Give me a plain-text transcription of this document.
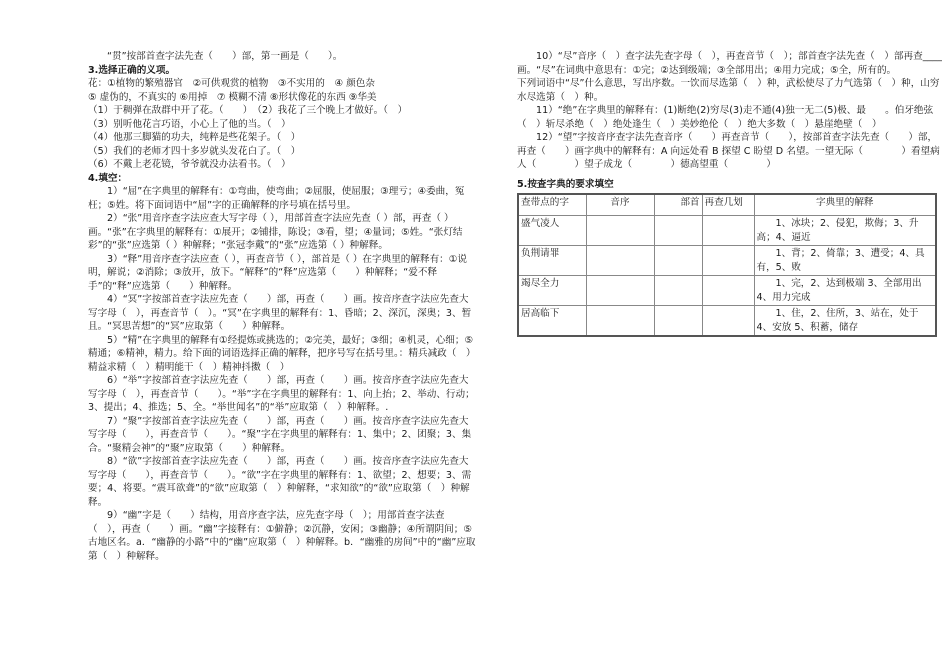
“贯”按部首查字法先查（　　）部，第一画是（　　）。

3.选择正确的义项。

花：①植物的繁殖器官　②可供观赏的植物　③不实用的　④ 颜色杂

⑤ 虚伪的，不真实的 ⑥用掉　⑦ 模糊不清 ⑧形状像花的东西 ⑨华美

（1）于稠弹在敌群中开了花。（　　）　（2）我花了三个晚上才做好。（　）

（3）别听他花言巧语，小心上了他的当。（　）

（4）他那三脚猫的功夫，纯粹是些花架子。（　）

（5）我们的老师才四十多岁就头发花白了。（　）

（6）不戴上老花镜，爷爷就没办法看书。（　）

4.填空：

1）“屈”在字典里的解释有：①弯曲，使弯曲；②屈服，使屈服；③理亏；④委曲，冤枉；⑤姓。将下面词语中“屈”字的正确解释的序号填在括号里。

2）“张”用音序查字法应查大写字母（ ），用部首查字法应先查（ ）部，再查（ ）画。“张”在字典里的解释有：①展开；②铺排，陈设；③看，望；④量词；⑤姓。“张灯结彩”的“张”应选第（ ）种解释；“张冠李戴”的“张”应选第（ ）种解释。

3）“释”用音序查字法应查（ ），再查音节（ ），部首是（ ）在字典里的解释有：①说明，解说；②消除；③放开，放下。“解释”的“释”应选第（　　）种解释；“爱不释手”的“释”应选第（　　）种解释。

4）“冥”字按部首查字法应先查（　　）部，再查（　　）画。按音序查字法应先查大写字母（　），再查音节（　）。“冥”在字典里的解释有：1、昏暗；2、深沉，深奥；3、暂且。“冥思苦想”的“冥”应取第（　　）种解释。

5）“精”在字典里的解释有①经提炼或挑选的；②完美，最好；③细；④机灵，心细；⑤精通；⑥精神，精力。给下面的词语选择正确的解释，把序号写在括号里。：精兵减政（　）精益求精（　）精明能干（　）精神抖擞（　）

6）“举”字按部首查字法应先查（　　）部，再查（　　）画。按音序查字法应先查大写字母（　），再查音节（　　）。“举”字在字典里的解释有：1、向上抬；2、举动、行动；3、提出；4、推选；5、全。“举世闻名”的“举”应取第（　）种解释。.

7）“聚”字按部首查字法应先查（　　）部，再查（　　）画。按音序查字法应先查大写字母（　　），再查音节（　　）。“聚”字在字典里的解释有：1、集中；2、团聚；3、集合。“聚精会神”的“聚”应取第（　　）种解释。

8）“欲”字按部首查字法应先查（　　）部，再查（　　）画。按音序查字法应先查大写字母（　　），再查音节（　　）。“欲”字在字典里的解释有：1、欲望；2、想要；3、需要；4、将要。“震耳欲聋”的“欲”应取第（　）种解释，“求知欲”的“欲”应取第（　）种解释。

9）“幽”字是（　　）结构，用音序查字法，应先查字母（　）；用部首查字法查（　），再查（　　）画。“幽”字接释有：①僻静；②沉静，安闲；③幽静；④所谓阴间；⑤古地区名。a．“幽静的小路”中的“幽”应取第（　）种解释。b．“幽雅的房间”中的“幽”应取第（　）种解释。

10）“尽”音序（　）查字法先查字母（　），再查音节（　）；部首查字法先查（　）部再查____画。“尽”在词典中意思有：①完；②达到级端；③全部用出；④用力完成；⑤全，所有的。

下列词语中“尽”什么意思，写出序数。一饮而尽选第（　）种，武松使尽了力气选第（　）种，山穷水尽选第（　）种。

11）“绝”在字典里的解释有：(1)断绝(2)穷尽(3)走不通(4)独一无二(5)极、最　　。伯牙绝弦（　）斩尽杀绝（　）绝处逢生（　）美妙绝伦（　）绝大多数（　）悬崖绝壁（　）

12）“望”字按音序查字法先查音序（　　）再查音节（　　），按部首查字法先查（　　）部，再查（　　）画字典中的解释有：A 向远处看 B 探望 C 盼望 D 名望。一望无际（　　　　）看望病人（　　　　）望子成龙（　　　　）德高望重（　　　　）

5.按查字典的要求填空

查带点的字	音序	部首	再查几划	字典里的解释
盛气凌人				1、冰块；2、侵犯，欺侮；3、升高；4、逼近
负荆请罪				1、背；2、倚靠；3、遭受；4、具有，5、败
竭尽全力				1、完，2、达到极端 3、全部用出 4、用力完成
居高临下				1、住，2、住所，3、站在，处于 4、安放 5、积蓄，储存
